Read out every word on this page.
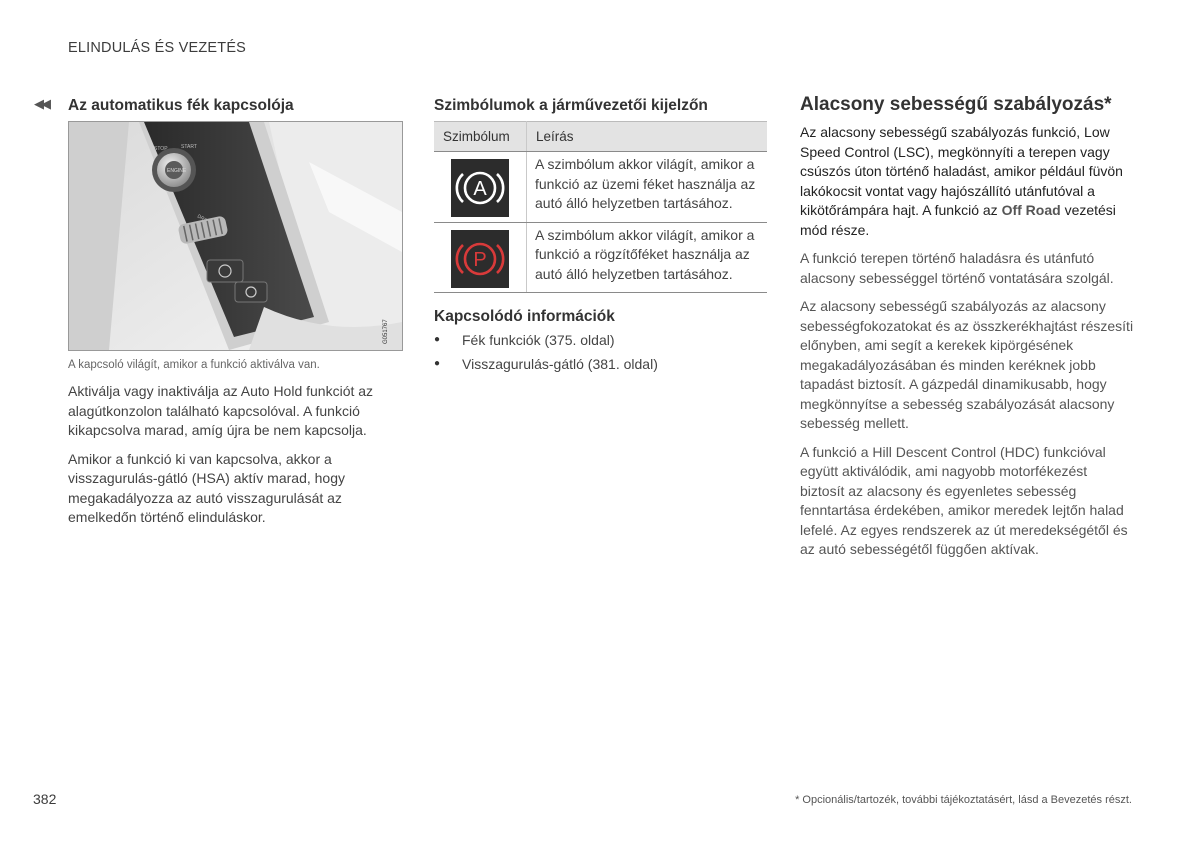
ELINDULÁS ÉS VEZETÉS
◀◀ Az automatikus fék kapcsolója
STOP	START
ENGINE
G051767
A kapcsoló világít, amikor a funkció aktiválva van.

Aktiválja vagy inaktiválja az Auto Hold funkciót az alagútkonzolon található kapcsolóval. A funkció kikapcsolva marad, amíg újra be nem kapcsolja.

Amikor a funkció ki van kapcsolva, akkor a visszagurulás-gátló (HSA) aktív marad, hogy megakadályozza az autó visszagurulását az emelkedőn történő elinduláskor.

Szimbólumok a járművezetői kijelzőn
Szimbólum	Leírás

A	A szimbólum akkor világít, amikor a funkció az üzemi féket használja az autó álló helyzetben tartásához.

P	A szimbólum akkor világít, amikor a funkció a rögzítőféket használja az autó álló helyzetben tartásához.
Kapcsolódó információk
● Fék funkciók (375. oldal)
● Visszagurulás-gátló (381. oldal)
Alacsony sebességű szabályozás*

Az alacsony sebességű szabályozás funkció, Low Speed Control (LSC), megkönnyíti a terepen vagy csúszós úton történő haladást, amikor például füvön lakókocsit vontat vagy hajószállító utánfutóval a kikötőrámpára hajt. A funkció az Off Road vezetési mód része.

A funkció terepen történő haladásra és utánfutó alacsony sebességgel történő vontatására szolgál.

Az alacsony sebességű szabályozás az alacsony sebességfokozatokat és az összkerékhajtást részesíti előnyben, ami segít a kerekek kipörgésének megakadályozásában és minden keréknek jobb tapadást biztosít. A gázpedál dinamikusabb, hogy megkönnyítse a sebesség szabályozását alacsony sebesség mellett.

A funkció a Hill Descent Control (HDC) funkcióval együtt aktiválódik, ami nagyobb motorfékezést biztosít az alacsony és egyenletes sebesség fenntartása érdekében, amikor meredek lejtőn halad lefelé. Az egyes rendszerek az út meredekségétől és az autó sebességétől függően aktívak.

382	* Opcionális/tartozék, további tájékoztatásért, lásd a Bevezetés részt.
